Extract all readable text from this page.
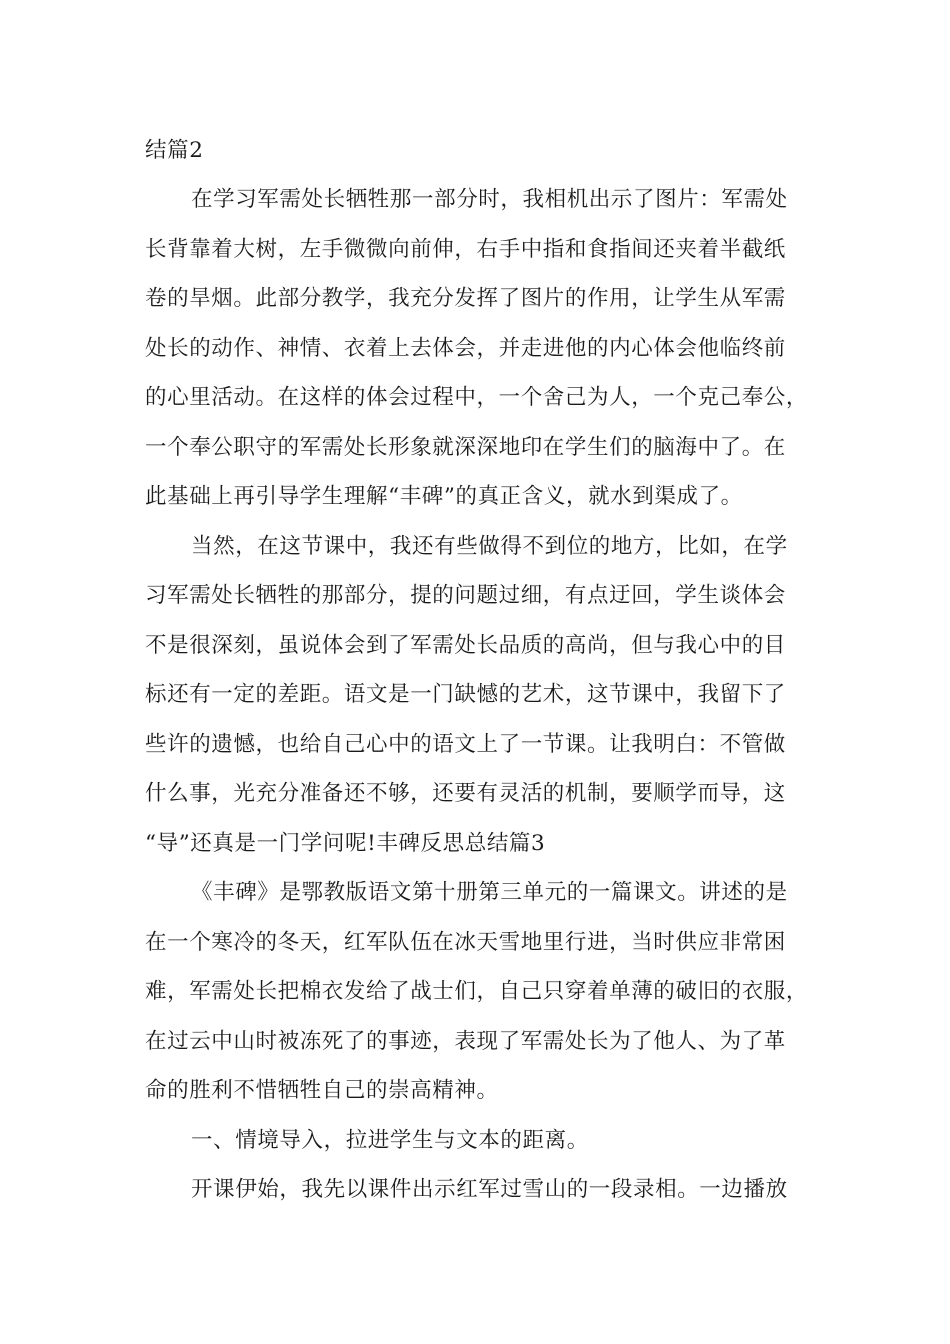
结篇2
在学习军需处长牺牲那一部分时，我相机出示了图片：军需处
长背靠着大树，左手微微向前伸，右手中指和食指间还夹着半截纸
卷的旱烟。此部分教学，我充分发挥了图片的作用，让学生从军需
处长的动作、神情、衣着上去体会，并走进他的内心体会他临终前
的心里活动。在这样的体会过程中，一个舍己为人，一个克己奉公，
一个奉公职守的军需处长形象就深深地印在学生们的脑海中了。在
此基础上再引导学生理解“丰碑”的真正含义，就水到渠成了。
当然，在这节课中，我还有些做得不到位的地方，比如，在学
习军需处长牺牲的那部分，提的问题过细，有点迂回，学生谈体会
不是很深刻，虽说体会到了军需处长品质的高尚，但与我心中的目
标还有一定的差距。语文是一门缺憾的艺术，这节课中，我留下了
些许的遗憾，也给自己心中的语文上了一节课。让我明白：不管做
什么事，光充分准备还不够，还要有灵活的机制，要顺学而导，这
“导”还真是一门学问呢!丰碑反思总结篇3
《丰碑》是鄂教版语文第十册第三单元的一篇课文。讲述的是
在一个寒冷的冬天，红军队伍在冰天雪地里行进，当时供应非常困
难，军需处长把棉衣发给了战士们，自己只穿着单薄的破旧的衣服，
在过云中山时被冻死了的事迹，表现了军需处长为了他人、为了革
命的胜利不惜牺牲自己的崇高精神。
一、情境导入，拉进学生与文本的距离。
开课伊始，我先以课件出示红军过雪山的一段录相。一边播放
